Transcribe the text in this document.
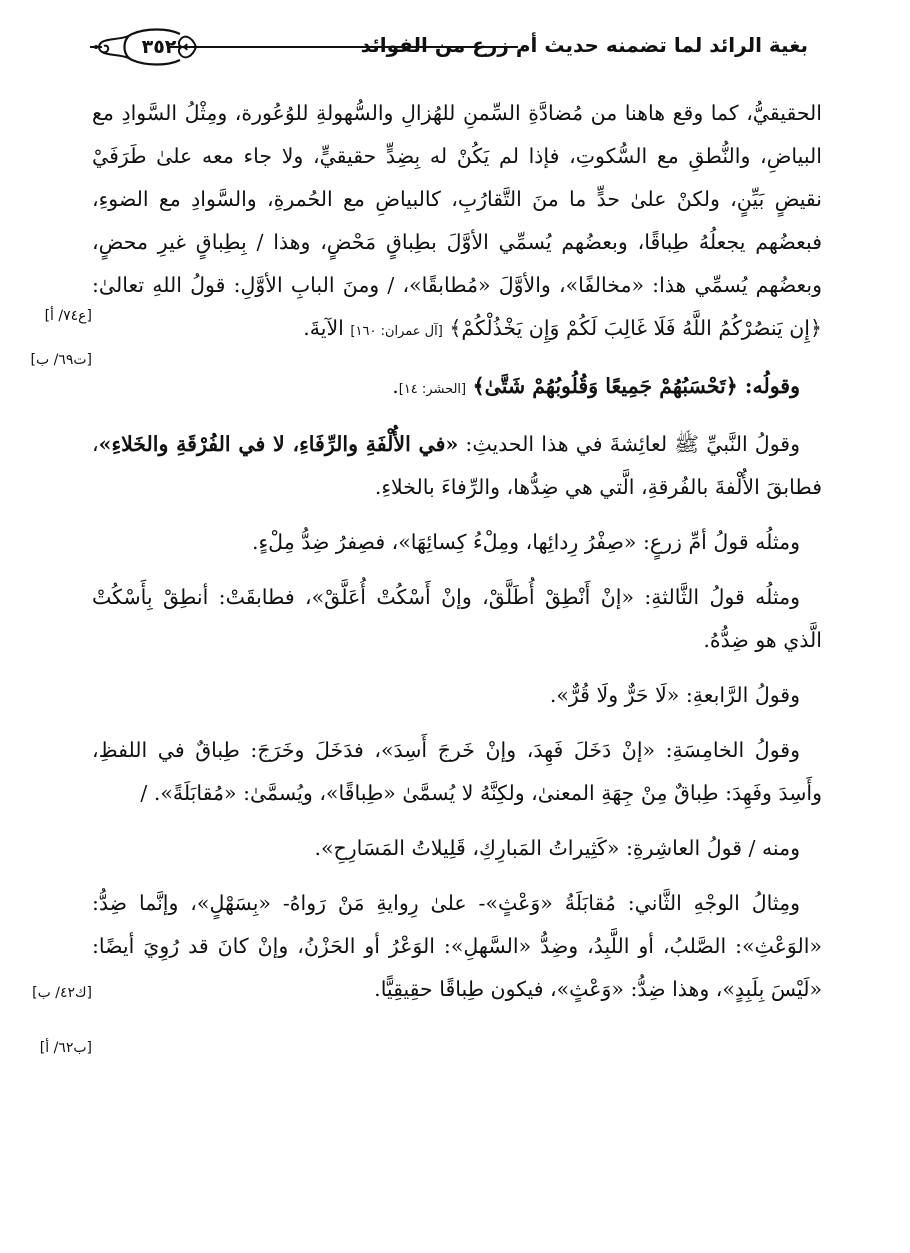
بغية الرائد لما تضمنه حديث أم زرع من الفوائد
٣٥٢

الحقيقيُّ، كما وقع هاهنا من مُضادَّةِ السِّمنِ للهُزالِ والسُّهولةِ للوُعُورة، ومِثْلُ السَّوادِ مع البياضِ، والنُّطقِ مع السُّكوتِ، فإذا لم يَكُنْ له بِضِدٍّ حقيقيٍّ، ولا جاء معه علىٰ طَرَفَيْ نقيضٍ بَيِّنٍ، ولكنْ علىٰ حدٍّ ما منَ التَّقارُبِ، كالبياضِ مع الحُمرةِ، والسَّوادِ مع الضوءِ، فبعضُهم يجعلُهُ طِباقًا، وبعضُهم يُسمِّي الأوَّلَ بطِباقٍ مَحْضٍ، وهذا / بِطِباقٍ غيرِ محضٍ، وبعضُهم يُسمِّي هذا: «مخالفًا»، والأوَّلَ «مُطابقًا»، / ومنَ البابِ الأوَّلِ: قولُ اللهِ تعالىٰ: ﴿إِن يَنصُرْكُمُ اللَّهُ فَلَا غَالِبَ لَكُمْ وَإِن يَخْذُلْكُمْ﴾ [آل عمران: ١٦٠] الآيةَ.

وقولُه: ﴿تَحْسَبُهُمْ جَمِيعًا وَقُلُوبُهُمْ شَتَّىٰ﴾ [الحشر: ١٤].

وقولُ النَّبيِّ ﷺ لعائِشةَ في هذا الحديثِ: «في الأُلْفَةِ والرِّفَاءِ، لا في الفُرْقَةِ والخَلاءِ»، فطابقَ الأُلْفةَ بالفُرقةِ، الَّتي هي ضِدُّها، والرِّفاءَ بالخلاءِ.

ومثلُه قولُ أمِّ زرعٍ: «صِفْرُ رِدائِها، ومِلْءُ كِسائِهَا»، فصِفرُ ضِدُّ مِلْءٍ.

ومثلُه قولُ الثَّالثةِ: «إنْ أَنْطِقْ أُطَلَّقْ، وإنْ أَسْكُتْ أُعَلَّقْ»، فطابقَتْ: أنطِقْ بِأَسْكُتْ الَّذي هو ضِدُّهُ.

وقولُ الرَّابعةِ: «لَا حَرٌّ ولَا قُرٌّ».

وقولُ الخامِسَةِ: «إنْ دَخَلَ فَهِدَ، وإنْ خَرجَ أَسِدَ»، فدَخَلَ وخَرَجَ: طِباقٌ في اللفظِ، وأَسِدَ وفَهِدَ: طِباقٌ مِنْ جِهَةِ المعنىٰ، ولكِنَّهُ لا يُسمَّىٰ «طِباقًا»، ويُسمَّىٰ: «مُقابَلَةً». /

ومنه / قولُ العاشِرةِ: «كَثِيراتُ المَبارِكِ، قَلِيلاتُ المَسَارِحِ».

ومِثالُ الوجْهِ الثَّاني: مُقابَلَةُ «وَعْثٍ»- علىٰ رِوايةِ مَنْ رَواهُ- «بِسَهْلٍ»، وإنَّما ضِدُّ: «الوَعْثِ»: الصَّلبُ، أو اللَّبِدُ، وضِدُّ «السَّهلِ»: الوَعْرُ أو الحَزْنُ، وإنْ كانَ قد رُوِيَ أيضًا: «لَيْسَ بِلَبِدٍ»، وهذا ضِدُّ: «وَعْثٍ»، فيكون طِباقًا حقِيقِيًّا.

[ع٧٤/ أ]
[ت٦٩/ ب]
[ك٤٢/ ب]
[ب٦٢/ أ]
